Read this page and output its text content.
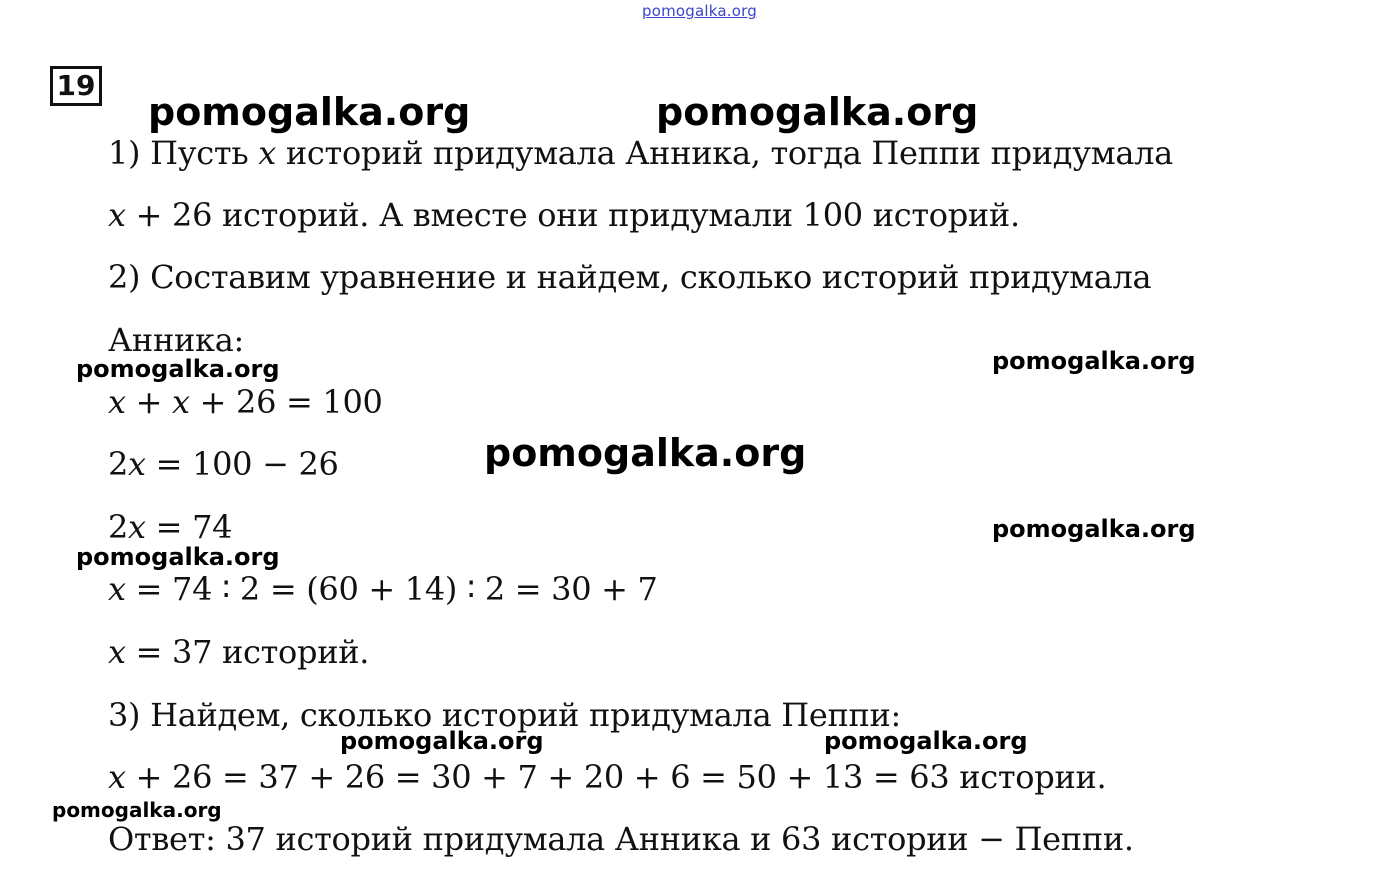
pomogalka.org
19
1) Пусть 𝑥 историй придумала Анника, тогда Пеппи придумала
𝑥 + 26 историй. А вместе они придумали 100 историй.
2) Составим уравнение и найдем, сколько историй придумала
Анника:
𝑥 + 𝑥 + 26 = 100
2𝑥 = 100 − 26
2𝑥 = 74
𝑥 = 74 ∶ 2 = (60 + 14) ∶ 2 = 30 + 7
𝑥 = 37 историй.
3) Найдем, сколько историй придумала Пеппи:
𝑥 + 26 = 37 + 26 = 30 + 7 + 20 + 6 = 50 + 13 = 63 истории.
Ответ: 37 историй придумала Анника и 63 истории − Пеппи.
pomogalka.org	pomogalka.org
pomogalka.org	pomogalka.org
pomogalka.org
pomogalka.org
pomogalka.org
pomogalka.org	pomogalka.org
pomogalka.org
